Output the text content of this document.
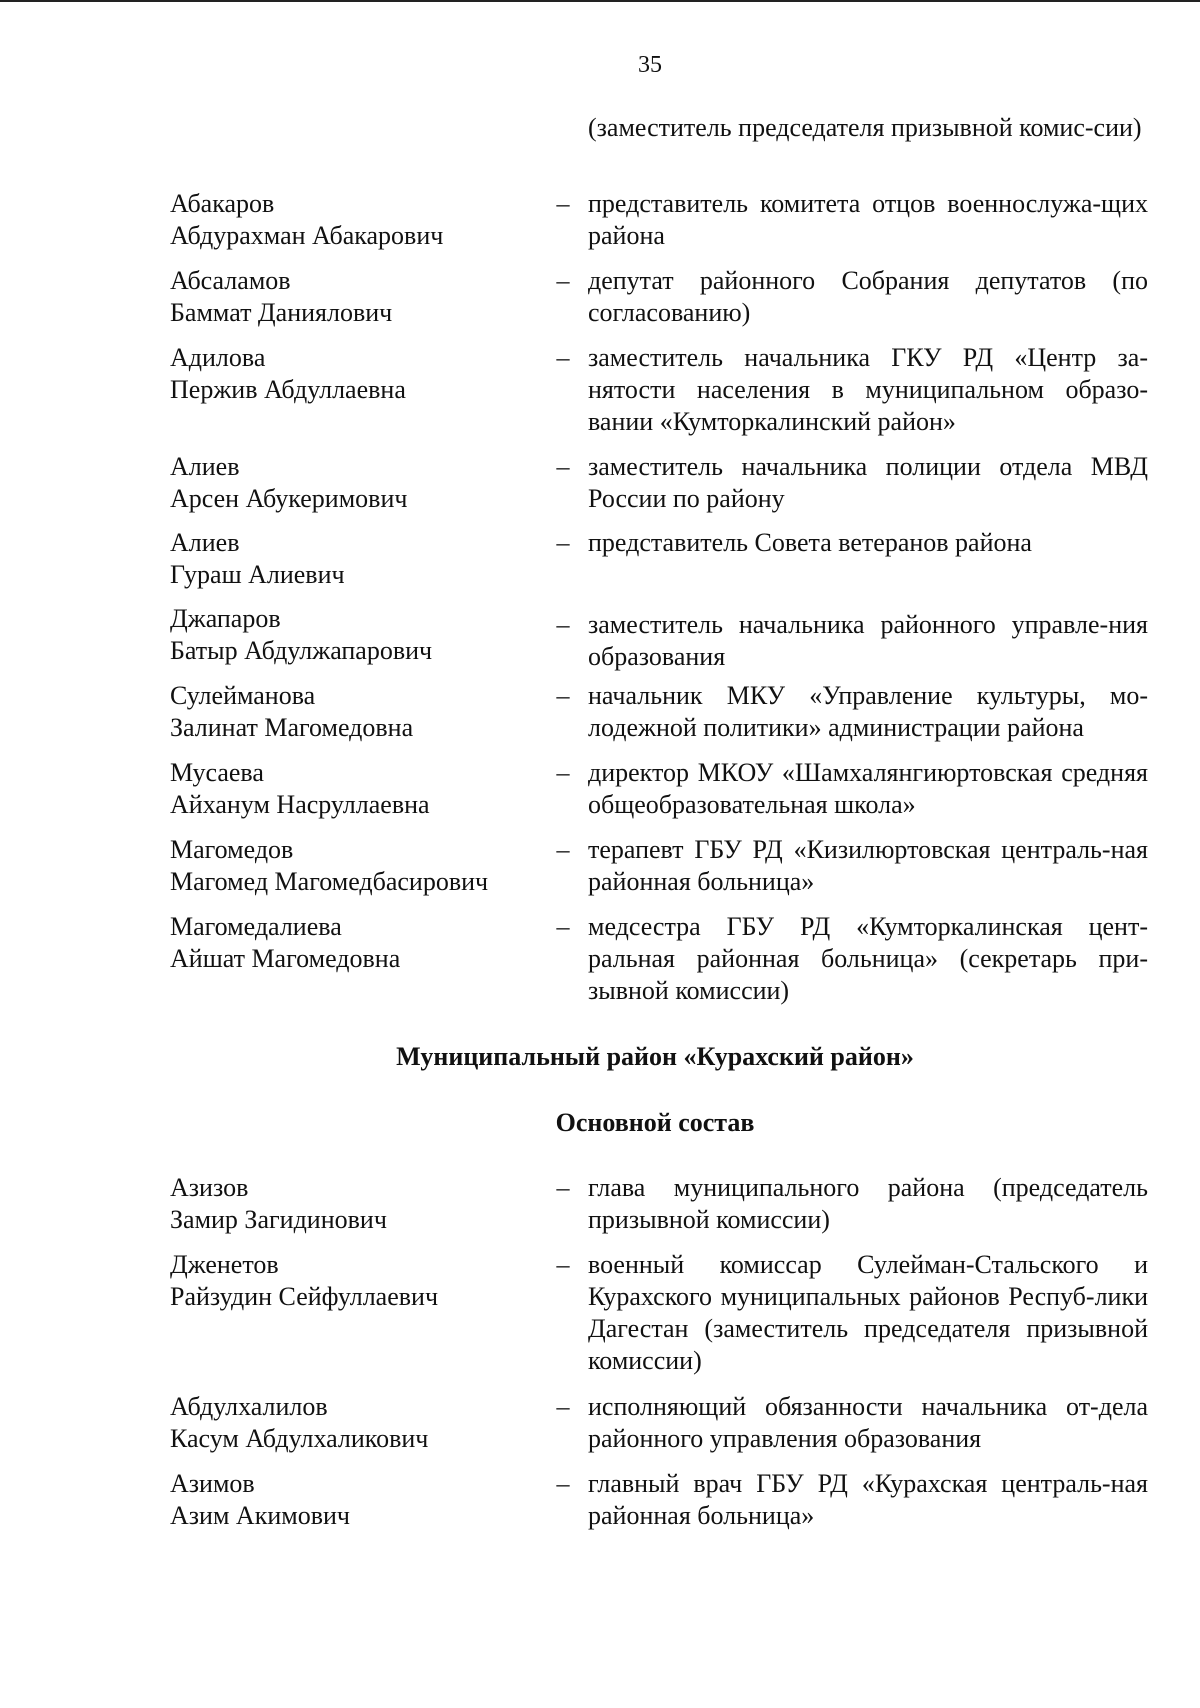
35
(заместитель председателя призывной комис-сии)
Абакаров
Абдурахман Абакарович
– представитель комитета отцов военнослужа-щих района
Абсаламов
Баммат Даниялович
– депутат районного Собрания депутатов (по согласованию)
Адилова
Пержив Абдуллаевна
– заместитель начальника ГКУ РД «Центр за-нятости населения в муниципальном образо-вании «Кумторкалинский район»
Алиев
Арсен Абукеримович
– заместитель начальника полиции отдела МВД России по району
Алиев
Гураш Алиевич
– представитель Совета ветеранов района
Джапаров
Батыр Абдулжапарович
– заместитель начальника районного управле-ния образования
Сулейманова
Залинат Магомедовна
– начальник МКУ «Управление культуры, мо-лодежной политики» администрации района
Мусаева
Айханум Насруллаевна
– директор МКОУ «Шамхалянгиюртовская средняя общеобразовательная школа»
Магомедов
Магомед Магомедбасирович
– терапевт ГБУ РД «Кизилюртовская централь-ная районная больница»
Магомедалиева
Айшат Магомедовна
– медсестра ГБУ РД «Кумторкалинская цент-ральная районная больница» (секретарь при-зывной комиссии)
Муниципальный район «Курахский район»
Основной состав
Азизов
Замир Загидинович
– глава муниципального района (председатель призывной комиссии)
Дженетов
Райзудин Сейфуллаевич
– военный комиссар Сулейман-Стальского и Курахского муниципальных районов Респуб-лики Дагестан (заместитель председателя призывной комиссии)
Абдулхалилов
Касум Абдулхаликович
– исполняющий обязанности начальника от-дела районного управления образования
Азимов
Азим Акимович
– главный врач ГБУ РД «Курахская централь-ная районная больница»
